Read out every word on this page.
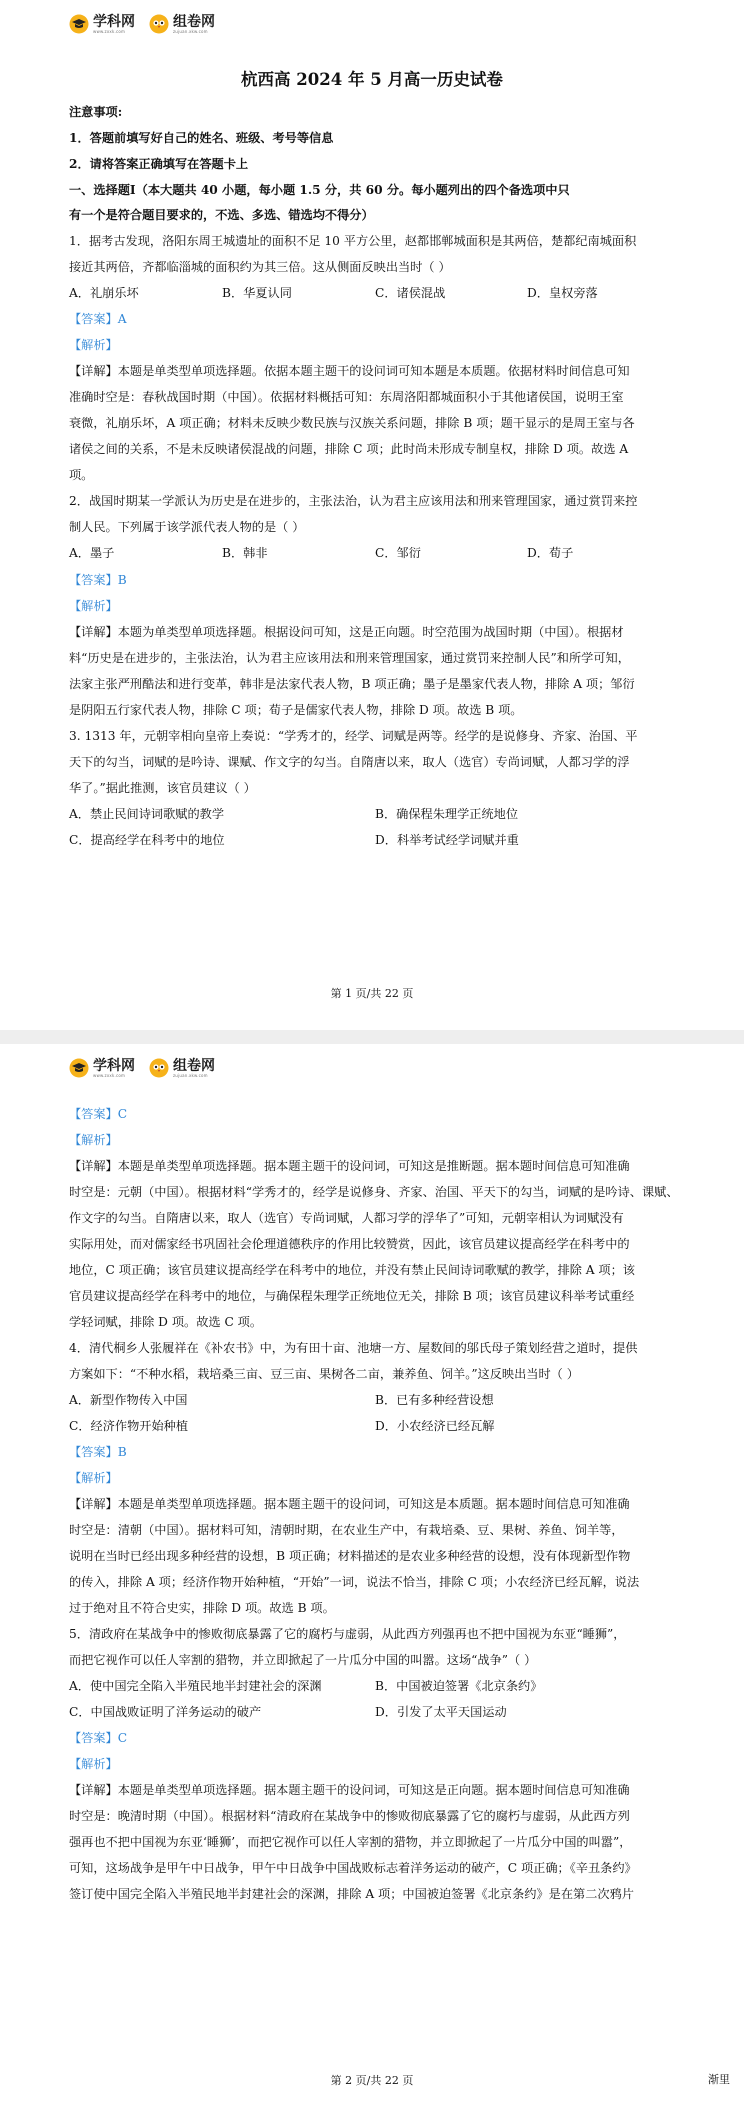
学科网
www.zxxk.com
组卷网
zujuan.xkw.com
杭西高 2024 年 5 月高一历史试卷
注意事项:
1．答题前填写好自己的姓名、班级、考号等信息
2．请将答案正确填写在答题卡上
一、选择题Ⅰ（本大题共 40 小题，每小题 1.5 分，共 60 分。每小题列出的四个备选项中只
有一个是符合题目要求的，不选、多选、错选均不得分）
1．据考古发现，洛阳东周王城遗址的面积不足 10 平方公里，赵都邯郸城面积是其两倍，楚都纪南城面积
接近其两倍，齐都临淄城的面积约为其三倍。这从侧面反映出当时（ ）
A．礼崩乐坏	B．华夏认同	C．诸侯混战	D．皇权旁落
【答案】A
【解析】
【详解】本题是单类型单项选择题。依据本题主题干的设问词可知本题是本质题。依据材料时间信息可知
准确时空是：春秋战国时期（中国）。依据材料概括可知：东周洛阳都城面积小于其他诸侯国，说明王室
衰微，礼崩乐坏，A 项正确；材料未反映少数民族与汉族关系问题，排除 B 项；题干显示的是周王室与各
诸侯之间的关系，不是未反映诸侯混战的问题，排除 C 项；此时尚未形成专制皇权，排除 D 项。故选 A
项。
2．战国时期某一学派认为历史是在进步的，主张法治，认为君主应该用法和刑来管理国家，通过赏罚来控
制人民。下列属于该学派代表人物的是（ ）
A．墨子	B．韩非	C．邹衍	D．荀子
【答案】B
【解析】
【详解】本题为单类型单项选择题。根据设问可知，这是正向题。时空范围为战国时期（中国）。根据材
料“历史是在进步的，主张法治，认为君主应该用法和刑来管理国家，通过赏罚来控制人民”和所学可知，
法家主张严刑酷法和进行变革，韩非是法家代表人物，B 项正确；墨子是墨家代表人物，排除 A 项；邹衍
是阴阳五行家代表人物，排除 C 项；荀子是儒家代表人物，排除 D 项。故选 B 项。
3. 1313 年，元朝宰相向皇帝上奏说：“学秀才的，经学、词赋是两等。经学的是说修身、齐家、治国、平
天下的勾当，词赋的是吟诗、课赋、作文字的勾当。自隋唐以来，取人（选官）专尚词赋，人都习学的浮
华了。”据此推测，该官员建议（ ）
A．禁止民间诗词歌赋的教学	B．确保程朱理学正统地位
C．提高经学在科考中的地位	D．科举考试经学词赋并重
第 1 页/共 22 页
学科网
www.zxxk.com
组卷网
zujuan.xkw.com
【答案】C
【解析】
【详解】本题是单类型单项选择题。据本题主题干的设问词，可知这是推断题。据本题时间信息可知准确
时空是：元朝（中国）。根据材料“学秀才的，经学是说修身、齐家、治国、平天下的勾当，词赋的是吟诗、课赋、
作文字的勾当。自隋唐以来，取人（选官）专尚词赋，人都习学的浮华了”可知，元朝宰相认为词赋没有
实际用处，而对儒家经书巩固社会伦理道德秩序的作用比较赞赏，因此，该官员建议提高经学在科考中的
地位，C 项正确；该官员建议提高经学在科考中的地位，并没有禁止民间诗词歌赋的教学，排除 A 项；该
官员建议提高经学在科考中的地位，与确保程朱理学正统地位无关，排除 B 项；该官员建议科举考试重经
学轻词赋，排除 D 项。故选 C 项。
4．清代桐乡人张履祥在《补农书》中，为有田十亩、池塘一方、屋数间的邬氏母子策划经营之道时，提供
方案如下：“不种水稻，栽培桑三亩、豆三亩、果树各二亩，兼养鱼、饲羊。”这反映出当时（ ）
A．新型作物传入中国	B．已有多种经营设想
C．经济作物开始种植	D．小农经济已经瓦解
【答案】B
【解析】
【详解】本题是单类型单项选择题。据本题主题干的设问词，可知这是本质题。据本题时间信息可知准确
时空是：清朝（中国）。据材料可知，清朝时期，在农业生产中，有栽培桑、豆、果树、养鱼、饲羊等，
说明在当时已经出现多种经营的设想，B 项正确；材料描述的是农业多种经营的设想，没有体现新型作物
的传入，排除 A 项；经济作物开始种植，“开始”一词，说法不恰当，排除 C 项；小农经济已经瓦解，说法
过于绝对且不符合史实，排除 D 项。故选 B 项。
5．清政府在某战争中的惨败彻底暴露了它的腐朽与虚弱，从此西方列强再也不把中国视为东亚“睡狮”，
而把它视作可以任人宰割的猎物，并立即掀起了一片瓜分中国的叫嚣。这场“战争”（ ）
A．使中国完全陷入半殖民地半封建社会的深渊	B．中国被迫签署《北京条约》
C．中国战败证明了洋务运动的破产	D．引发了太平天国运动
【答案】C
【解析】
【详解】本题是单类型单项选择题。据本题主题干的设问词，可知这是正向题。据本题时间信息可知准确
时空是：晚清时期（中国）。根据材料“清政府在某战争中的惨败彻底暴露了它的腐朽与虚弱，从此西方列
强再也不把中国视为东亚‘睡狮’，而把它视作可以任人宰割的猎物，并立即掀起了一片瓜分中国的叫嚣”，
可知，这场战争是甲午中日战争，甲午中日战争中国战败标志着洋务运动的破产，C 项正确；《辛丑条约》
签订使中国完全陷入半殖民地半封建社会的深渊，排除 A 项；中国被迫签署《北京条约》是在第二次鸦片
第 2 页/共 22 页	渐里
